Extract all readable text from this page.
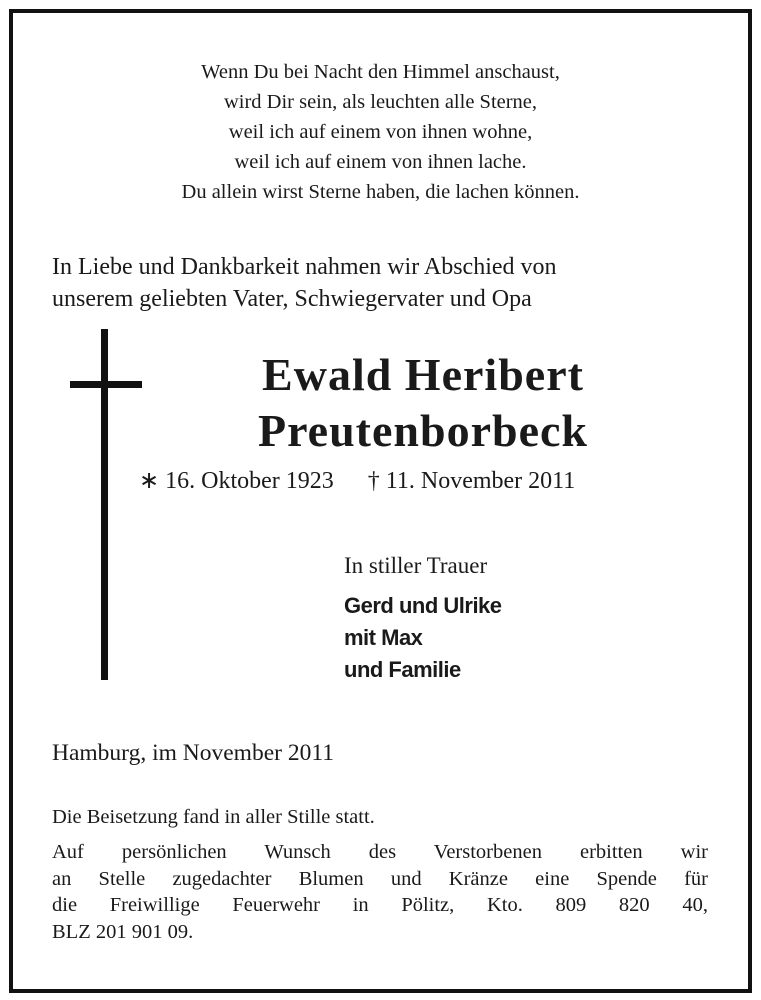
Wenn Du bei Nacht den Himmel anschaust,
wird Dir sein, als leuchten alle Sterne,
weil ich auf einem von ihnen wohne,
weil ich auf einem von ihnen lache.
Du allein wirst Sterne haben, die lachen können.
In Liebe und Dankbarkeit nahmen wir Abschied von
unserem geliebten Vater, Schwiegervater und Opa
Ewald Heribert
Preutenborbeck
∗ 16. Oktober 1923 † 11. November 2011
In stiller Trauer
Gerd und Ulrike
mit Max
und Familie
Hamburg, im November 2011
Die Beisetzung fand in aller Stille statt.
Auf persönlichen Wunsch des Verstorbenen erbitten wir
an Stelle zugedachter Blumen und Kränze eine Spende für
die Freiwillige Feuerwehr in Pölitz, Kto. 809 820 40,
BLZ 201 901 09.
